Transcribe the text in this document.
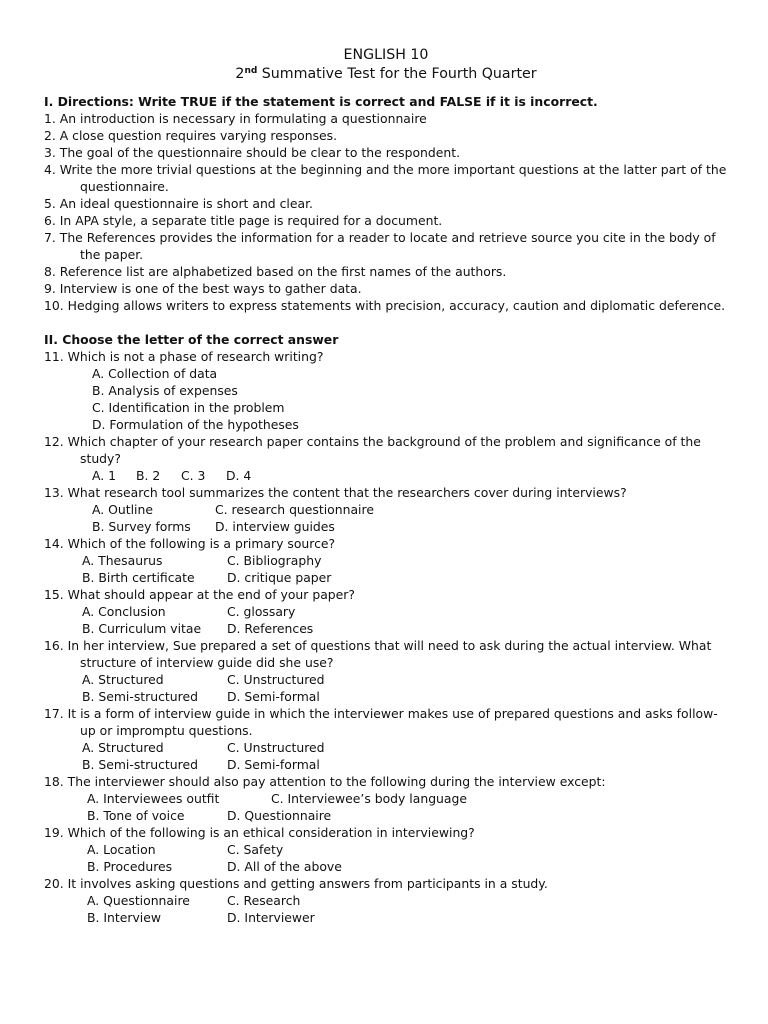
ENGLISH 10
2nd Summative Test for the Fourth Quarter
I. Directions: Write TRUE if the statement is correct and FALSE if it is incorrect.
1. An introduction is necessary in formulating a questionnaire
2. A close question requires varying responses.
3. The goal of the questionnaire should be clear to the respondent.
4. Write the more trivial questions at the beginning and the more important questions at the latter part of the questionnaire.
5. An ideal questionnaire is short and clear.
6. In APA style, a separate title page is required for a document.
7. The References provides the information for a reader to locate and retrieve source you cite in the body of the paper.
8. Reference list are alphabetized based on the first names of the authors.
9. Interview is one of the best ways to gather data.
10. Hedging allows writers to express statements with precision, accuracy, caution and diplomatic deference.
II. Choose the letter of the correct answer
11. Which is not a phase of research writing?
A. Collection of data
B. Analysis of expenses
C. Identification in the problem
D. Formulation of the hypotheses
12. Which chapter of your research paper contains the background of the problem and significance of the study?
A. 1 B. 2 C. 3 D. 4
13. What research tool summarizes the content that the researchers cover during interviews?
A. Outline	C. research questionnaire
B. Survey forms D. interview guides
14. Which of the following is a primary source?
A. Thesaurus	C. Bibliography
B. Birth certificate	D. critique paper
15. What should appear at the end of your paper?
A. Conclusion	C. glossary
B. Curriculum vitae D. References
16. In her interview, Sue prepared a set of questions that will need to ask during the actual interview. What structure of interview guide did she use?
A. Structured	C. Unstructured
B. Semi-structured D. Semi-formal
17. It is a form of interview guide in which the interviewer makes use of prepared questions and asks follow-up or impromptu questions.
A. Structured	C. Unstructured
B. Semi-structured D. Semi-formal
18. The interviewer should also pay attention to the following during the interview except:
A. Interviewees outfit	C. Interviewee’s body language
B. Tone of voice	D. Questionnaire
19. Which of the following is an ethical consideration in interviewing?
A. Location	C. Safety
B. Procedures	D. All of the above
20. It involves asking questions and getting answers from participants in a study.
A. Questionnaire	C. Research
B. Interview	D. Interviewer
